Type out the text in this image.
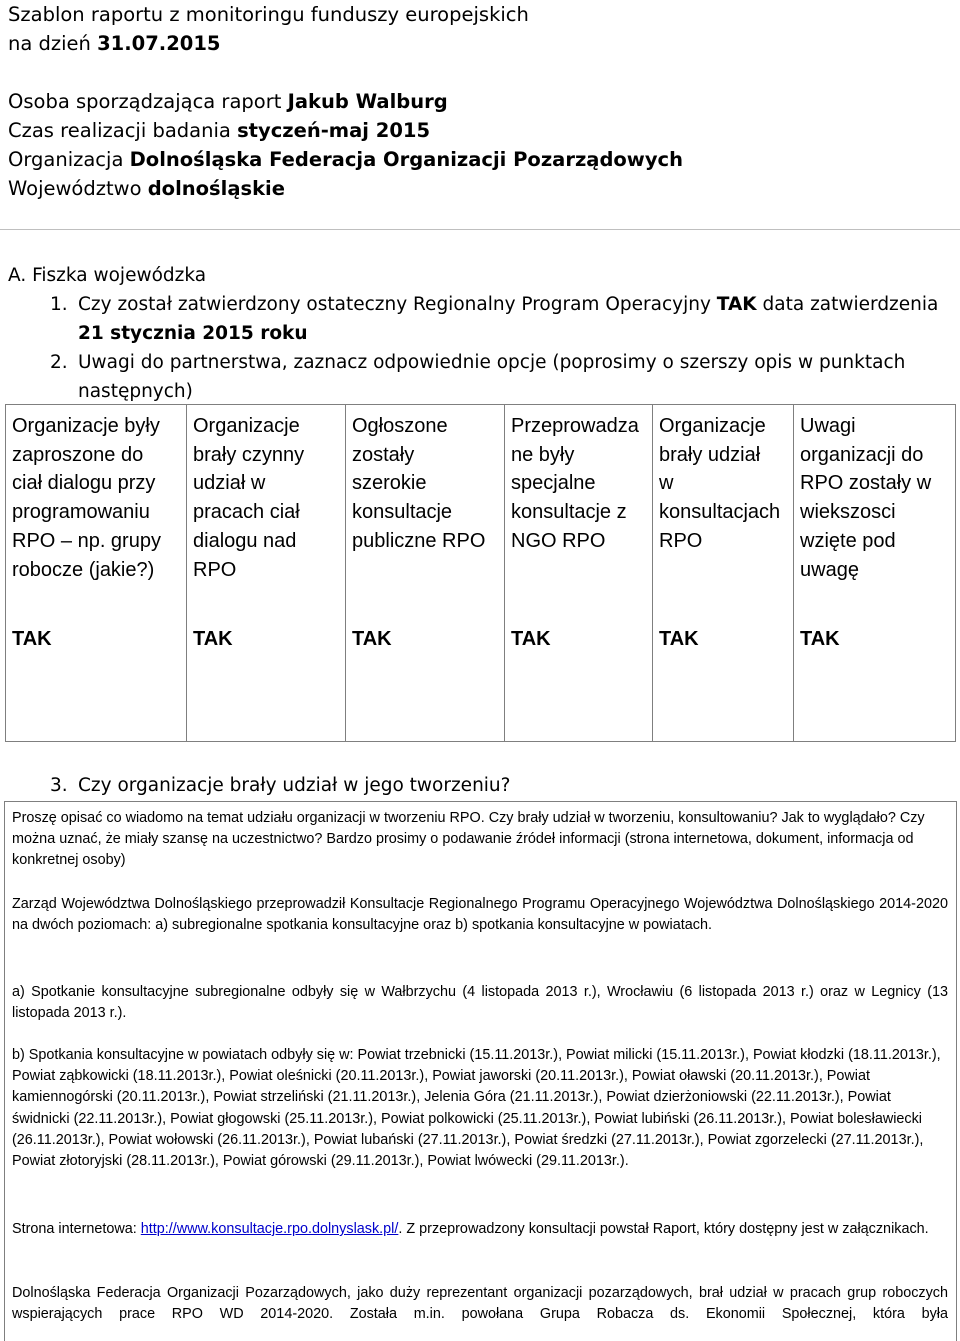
Szablon raportu z monitoringu funduszy europejskich
na dzień 31.07.2015
Osoba sporządzająca raport Jakub Walburg
Czas realizacji badania styczeń-maj 2015
Organizacja Dolnośląska Federacja Organizacji Pozarządowych
Województwo dolnośląskie
A. Fiszka wojewódzka
1. Czy został zatwierdzony ostateczny Regionalny Program Operacyjny TAK data zatwierdzenia
21 stycznia 2015 roku
2. Uwagi do partnerstwa, zaznacz odpowiednie opcje (poprosimy o szerszy opis w punktach
następnych)
Organizacje były
zaproszone do
ciał dialogu przy
programowaniu
RPO – np. grupy
robocze (jakie?)
TAK
Organizacje
brały czynny
udział w
pracach ciał
dialogu nad
RPO
TAK
Ogłoszone
zostały
szerokie
konsultacje
publiczne RPO
TAK
Przeprowadza
ne były
specjalne
konsultacje z
NGO RPO
TAK
Organizacje
brały udział
w
konsultacjach
RPO
TAK
Uwagi
organizacji do
RPO zostały w
wiekszosci
wzięte pod
uwagę
TAK
3. Czy organizacje brały udział w jego tworzeniu?

Proszę opisać co wiadomo na temat udziału organizacji w tworzeniu RPO. Czy brały udział w tworzeniu, konsultowaniu? Jak to wyglądało? Czy można uznać, że miały szansę na uczestnictwo? Bardzo prosimy o podawanie źródeł informacji (strona internetowa, dokument, informacja od konkretnej osoby)

Zarząd Województwa Dolnośląskiego przeprowadził Konsultacje Regionalnego Programu Operacyjnego Województwa Dolnośląskiego 2014-2020 na dwóch poziomach: a) subregionalne spotkania konsultacyjne oraz b) spotkania konsultacyjne w powiatach.

a) Spotkanie konsultacyjne subregionalne odbyły się w Wałbrzychu (4 listopada 2013 r.), Wrocławiu (6 listopada 2013 r.) oraz w Legnicy (13 listopada 2013 r.).

b) Spotkania konsultacyjne w powiatach odbyły się w: Powiat trzebnicki (15.11.2013r.), Powiat milicki (15.11.2013r.), Powiat kłodzki (18.11.2013r.), Powiat ząbkowicki (18.11.2013r.), Powiat oleśnicki (20.11.2013r.), Powiat jaworski (20.11.2013r.), Powiat oławski (20.11.2013r.), Powiat kamiennogórski (20.11.2013r.), Powiat strzeliński (21.11.2013r.), Jelenia Góra (21.11.2013r.), Powiat dzierżoniowski (22.11.2013r.), Powiat świdnicki (22.11.2013r.), Powiat głogowski (25.11.2013r.), Powiat polkowicki (25.11.2013r.), Powiat lubiński (26.11.2013r.), Powiat bolesławiecki (26.11.2013r.), Powiat wołowski (26.11.2013r.), Powiat lubański (27.11.2013r.), Powiat średzki (27.11.2013r.), Powiat zgorzelecki (27.11.2013r.), Powiat złotoryjski (28.11.2013r.), Powiat górowski (29.11.2013r.), Powiat lwówecki (29.11.2013r.).

Strona internetowa: http://www.konsultacje.rpo.dolnyslask.pl/. Z przeprowadzony konsultacji powstał Raport, który dostępny jest w załącznikach.

Dolnośląska Federacja Organizacji Pozarządowych, jako duży reprezentant organizacji pozarządowych, brał udział w pracach grup roboczych wspierających prace RPO WD 2014-2020. Została m.in. powołana Grupa Robacza ds. Ekonomii Społecznej, która była
